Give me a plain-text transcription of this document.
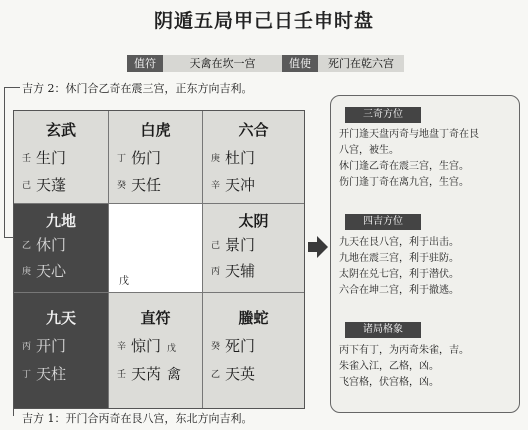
阴遁五局甲己日壬申时盘
值符	天禽在坎一宫	值使	死门在乾六宫
吉方 2：休门合乙奇在震三宫，正东方向吉利。
玄武
壬 生门
己 天蓬
白虎
丁 伤门
癸 天任
六合
庚 杜门
辛 天冲
九地
乙 休门
庚 天心
戊
太阴
己 景门
丙 天辅
九天
丙 开门
丁 天柱
直符
辛 惊门 戊
壬 天芮 禽
螣蛇
癸 死门
乙 天英
吉方 1：开门合丙奇在艮八宫，东北方向吉利。
三奇方位
开门逢天盘丙奇与地盘丁奇在艮
八宫，被生。
休门逢乙奇在震三宫，生宫。
伤门逢丁奇在离九宫，生宫。
四吉方位
九天在艮八宫，利于出击。
九地在震三宫，利于驻防。
太阴在兑七宫，利于潜伏。
六合在坤二宫，利于撤逃。
诸局格象
丙下有丁，为丙奇朱雀，吉。
朱雀入江，乙格，凶。
飞宫格，伏宫格，凶。
